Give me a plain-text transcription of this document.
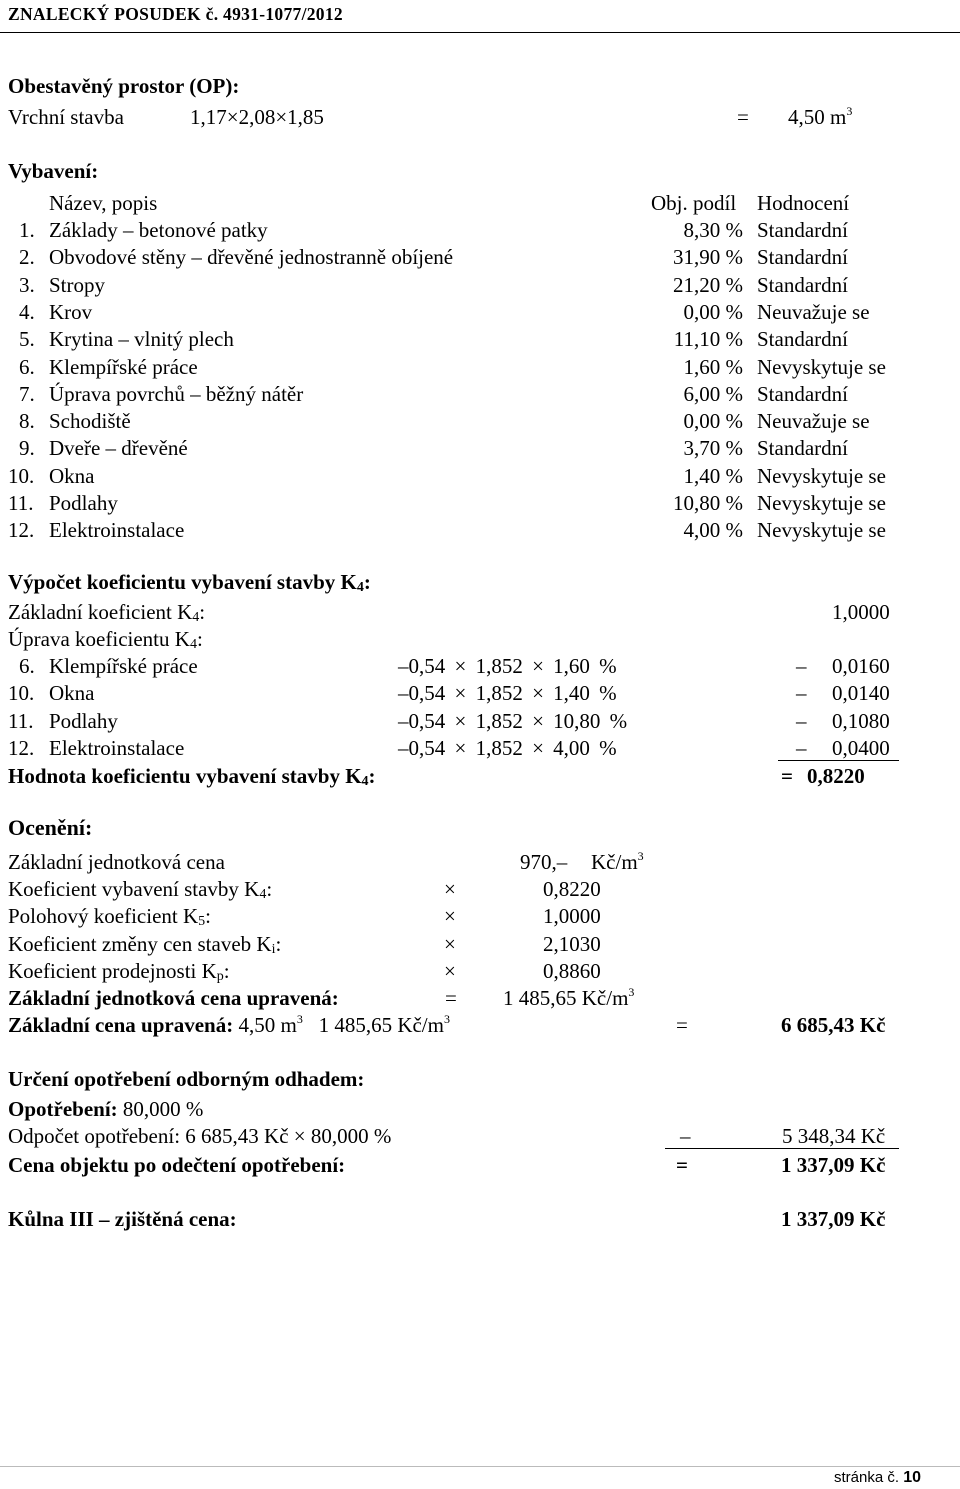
ZNALECKÝ POSUDEK č. 4931-1077/2012
Obestavěný prostor (OP):
Vrchní stavba	1,17×2,08×1,85	= 4,50 $m^3$
Vybavení:
Název, popis	Obj. podíl Hodnocení
1. Základy – betonové patky	8,30 % Standardní
2. Obvodové stěny – dřevěné jednostranně obíjené	31,90 % Standardní
3. Stropy	21,20 % Standardní
4. Krov	0,00 % Neuvažuje se
5. Krytina – vlnitý plech	11,10 % Standardní
6. Klempířské práce	1,60 % Nevyskytuje se
7. Úprava povrchů – běžný nátěr	6,00 % Standardní
8. Schodiště	0,00 % Neuvažuje se
9. Dveře – dřevěné	3,70 % Standardní
10. Okna	1,40 % Nevyskytuje se
11. Podlahy	10,80 % Nevyskytuje se
12. Elektroinstalace	4,00 % Nevyskytuje se
Výpočet koeficientu vybavení stavby K4:
Základní koeficient K4:	1,0000
Úprava koeficientu K4:
6. Klempířské práce	–0,54 × 1,852 × 1,60 %	– 0,0160
10. Okna	–0,54 × 1,852 × 1,40 %	– 0,0140
11. Podlahy	–0,54 × 1,852 × 10,80 %	– 0,1080
12. Elektroinstalace	–0,54 × 1,852 × 4,00 %	– 0,0400
Hodnota koeficientu vybavení stavby K4:	= 0,8220
Ocenění:
Základní jednotková cena	970,– $Kč/m^3$
Koeficient vybavení stavby K4:	×	0,8220
Polohový koeficient K5:	×	1,0000
Koeficient změny cen staveb Ki:	×	2,1030
Koeficient prodejnosti Kp:	×	0,8860
Základní jednotková cena upravená:	= 1 485,65 $Kč/m^3$
Základní cena upravená: 4,50 $m^3$ 1 485,65 $Kč/m^3$	=	6 685,43 Kč
Určení opotřebení odborným odhadem:
Opotřebení: 80,000 %
Odpočet opotřebení: 6 685,43 Kč × 80,000 %	–	5 348,34 Kč
Cena objektu po odečtení opotřebení:	=	1 337,09 Kč
Kůlna III – zjištěná cena:	1 337,09 Kč
stránka č. 10
